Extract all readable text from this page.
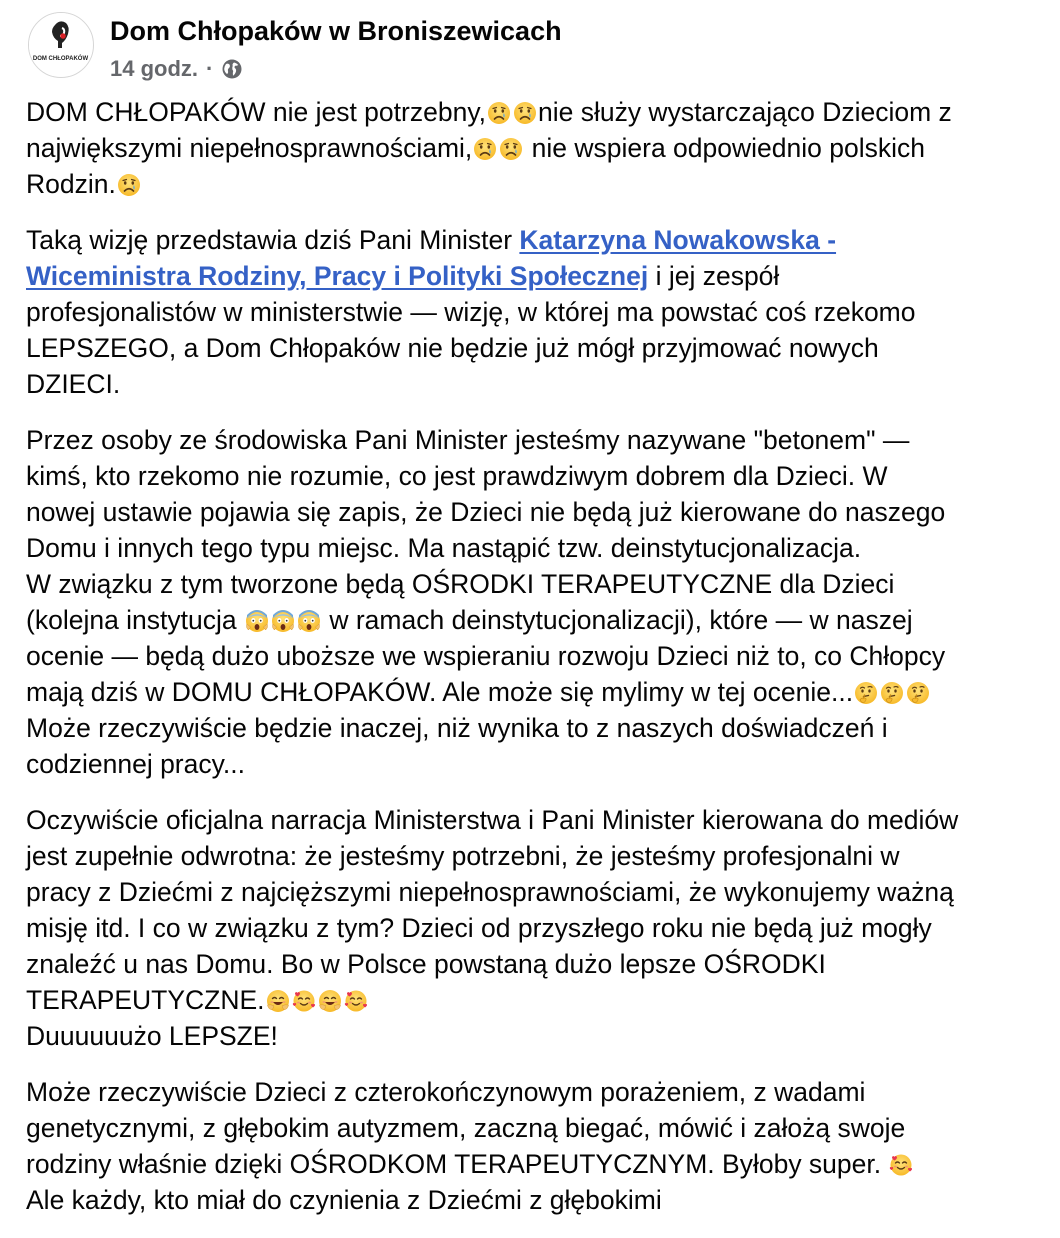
DOM CHŁOPAKÓW
Dom Chłopaków w Broniszewicach
14 godz. ·
DOM CHŁOPAKÓW nie jest potrzebny, nie służy wystarczająco Dzieciom z
największymi niepełnosprawnościami, nie wspiera odpowiednio polskich
Rodzin.
Taką wizję przedstawia dziś Pani Minister Katarzyna Nowakowska -
Wiceministra Rodziny, Pracy i Polityki Społecznej i jej zespół
profesjonalistów w ministerstwie — wizję, w której ma powstać coś rzekomo
LEPSZEGO, a Dom Chłopaków nie będzie już mógł przyjmować nowych
DZIECI.
Przez osoby ze środowiska Pani Minister jesteśmy nazywane "betonem" —
kimś, kto rzekomo nie rozumie, co jest prawdziwym dobrem dla Dzieci. W
nowej ustawie pojawia się zapis, że Dzieci nie będą już kierowane do naszego
Domu i innych tego typu miejsc. Ma nastąpić tzw. deinstytucjonalizacja.
W związku z tym tworzone będą OŚRODKI TERAPEUTYCZNE dla Dzieci
(kolejna instytucja	w ramach deinstytucjonalizacji), które — w naszej
ocenie — będą dużo uboższe we wspieraniu rozwoju Dzieci niż to, co Chłopcy
mają dziś w DOMU CHŁOPAKÓW. Ale może się mylimy w tej ocenie...
Może rzeczywiście będzie inaczej, niż wynika to z naszych doświadczeń i
codziennej pracy...
Oczywiście oficjalna narracja Ministerstwa i Pani Minister kierowana do mediów
jest zupełnie odwrotna: że jesteśmy potrzebni, że jesteśmy profesjonalni w
pracy z Dziećmi z najcięższymi niepełnosprawnościami, że wykonujemy ważną
misję itd. I co w związku z tym? Dzieci od przyszłego roku nie będą już mogły
znaleźć u nas Domu. Bo w Polsce powstaną dużo lepsze OŚRODKI
TERAPEUTYCZNE.
Duuuuuużo LEPSZE!
Może rzeczywiście Dzieci z czterokończynowym porażeniem, z wadami
genetycznymi, z głębokim autyzmem, zaczną biegać, mówić i założą swoje
rodziny właśnie dzięki OŚRODKOM TERAPEUTYCZNYM. Byłoby super.
Ale każdy, kto miał do czynienia z Dziećmi z głębokimi
